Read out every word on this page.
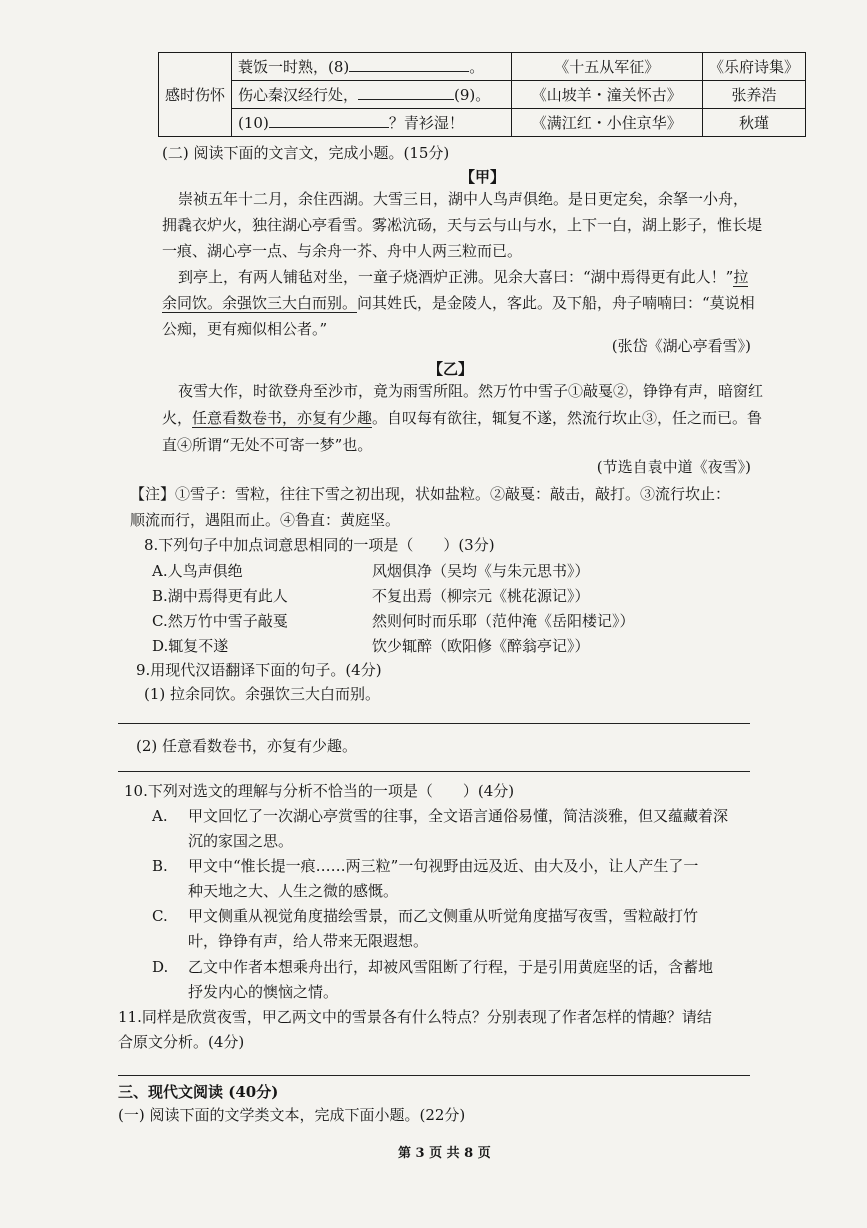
感时伤怀	蓑饭一时熟，(8) 。	《十五从军征》	《乐府诗集》
	伤心秦汉经行处， (9)。	《山坡羊・潼关怀古》	张养浩
	(10) ？青衫湿！	《满江红・小住京华》	秋瑾
(二) 阅读下面的文言文，完成小题。(15分)
【甲】
崇祯五年十二月，余住西湖。大雪三日，湖中人鸟声俱绝。是日更定矣，余拏一小舟，
拥毳衣炉火，独往湖心亭看雪。雾凇沆砀，天与云与山与水，上下一白，湖上影子，惟长堤
一痕、湖心亭一点、与余舟一芥、舟中人两三粒而已。
到亭上，有两人铺毡对坐，一童子烧酒炉正沸。见余大喜曰：“湖中焉得更有此人！”拉
余同饮。余强饮三大白而别。问其姓氏，是金陵人，客此。及下船，舟子喃喃曰：“莫说相
公痴，更有痴似相公者。”
(张岱《湖心亭看雪》)
【乙】
夜雪大作，时欲登舟至沙市，竟为雨雪所阻。然万竹中雪子①敲戛②，铮铮有声，暗窗红
火，任意看数卷书，亦复有少趣。自叹每有欲往，辄复不遂，然流行坎止③，任之而已。鲁
直④所谓“无处不可寄一梦”也。
(节选自袁中道《夜雪》)
【注】①雪子：雪粒，往往下雪之初出现，状如盐粒。②敲戛：敲击，敲打。③流行坎止：
顺流而行，遇阻而止。④鲁直：黄庭坚。
8.下列句子中加点词意思相同的一项是（　　）(3分)
A.人鸟声俱绝	风烟俱净（吴均《与朱元思书》）
B.湖中焉得更有此人	不复出焉（柳宗元《桃花源记》）
C.然万竹中雪子敲戛	然则何时而乐耶（范仲淹《岳阳楼记》）
D.辄复不遂	饮少辄醉（欧阳修《醉翁亭记》）
9.用现代汉语翻译下面的句子。(4分)
(1) 拉余同饮。余强饮三大白而别。
(2) 任意看数卷书，亦复有少趣。
10.下列对选文的理解与分析不恰当的一项是（　　）(4分)
A. 甲文回忆了一次湖心亭赏雪的往事，全文语言通俗易懂，简洁淡雅，但又蕴藏着深
沉的家国之思。
B. 甲文中“惟长提一痕……两三粒”一句视野由远及近、由大及小，让人产生了一
种天地之大、人生之微的感慨。
C. 甲文侧重从视觉角度描绘雪景，而乙文侧重从听觉角度描写夜雪，雪粒敲打竹
叶，铮铮有声，给人带来无限遐想。
D. 乙文中作者本想乘舟出行，却被风雪阻断了行程，于是引用黄庭坚的话，含蓄地
抒发内心的懊恼之情。
11.同样是欣赏夜雪，甲乙两文中的雪景各有什么特点？分别表现了作者怎样的情趣？请结
合原文分析。(4分)
三、现代文阅读 (40分)
(一) 阅读下面的文学类文本，完成下面小题。(22分)
第 3 页 共 8 页
